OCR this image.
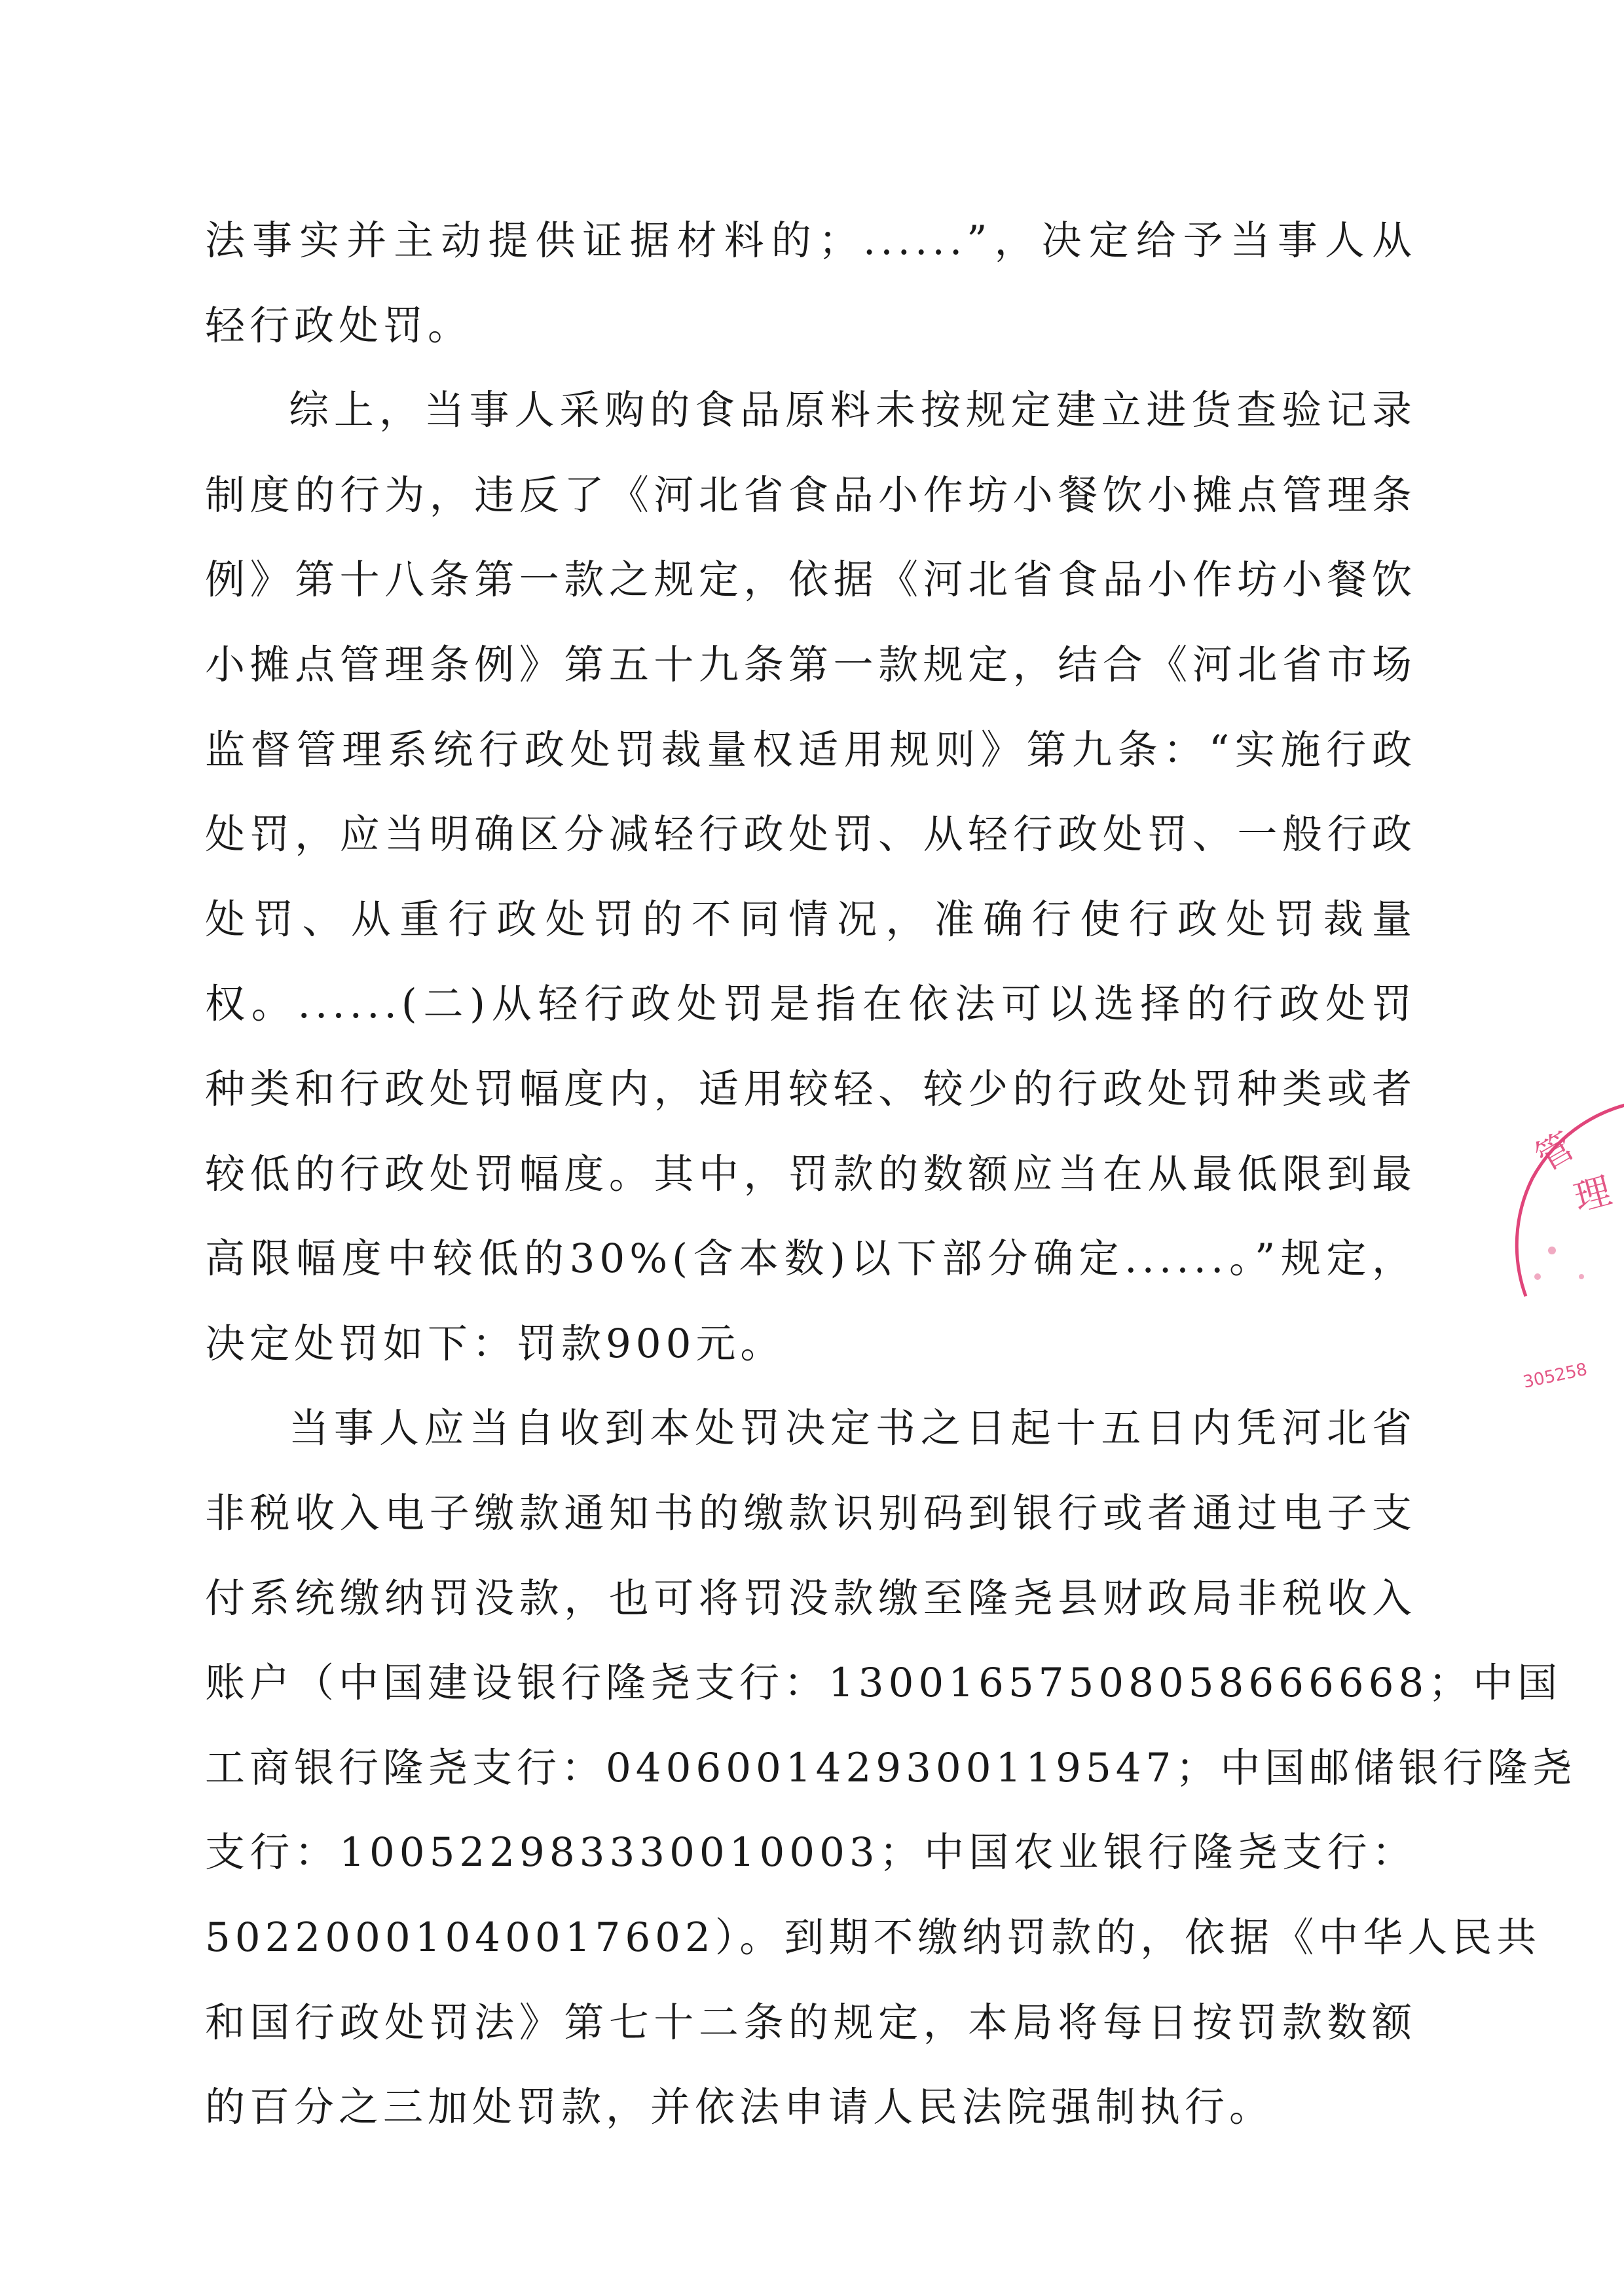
法事实并主动提供证据材料的；......”，决定给予当事人从
轻行政处罚。
综上，当事人采购的食品原料未按规定建立进货查验记录
制度的行为，违反了《河北省食品小作坊小餐饮小摊点管理条
例》第十八条第一款之规定，依据《河北省食品小作坊小餐饮
小摊点管理条例》第五十九条第一款规定，结合《河北省市场
监督管理系统行政处罚裁量权适用规则》第九条：“实施行政
处罚，应当明确区分减轻行政处罚、从轻行政处罚、一般行政
处罚、从重行政处罚的不同情况，准确行使行政处罚裁量
权。......(二)从轻行政处罚是指在依法可以选择的行政处罚
种类和行政处罚幅度内，适用较轻、较少的行政处罚种类或者
较低的行政处罚幅度。其中，罚款的数额应当在从最低限到最
高限幅度中较低的30%(含本数)以下部分确定......。”规定，
决定处罚如下：罚款900元。
当事人应当自收到本处罚决定书之日起十五日内凭河北省
非税收入电子缴款通知书的缴款识别码到银行或者通过电子支
付系统缴纳罚没款，也可将罚没款缴至隆尧县财政局非税收入
账户（中国建设银行隆尧支行：13001657508058666668；中国
工商银行隆尧支行：0406001429300119547；中国邮储银行隆尧
支行：100522983330010003；中国农业银行隆尧支行：
50220001040017602）。到期不缴纳罚款的，依据《中华人民共
和国行政处罚法》第七十二条的规定，本局将每日按罚款数额
的百分之三加处罚款，并依法申请人民法院强制执行。
管
理
305258
